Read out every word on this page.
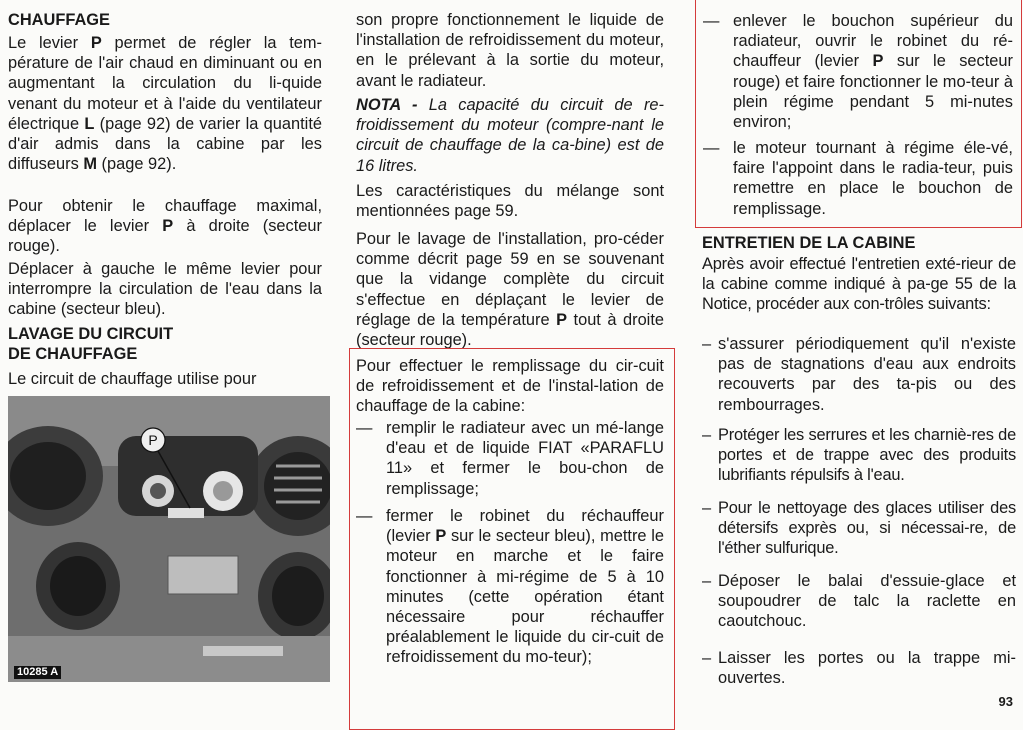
CHAUFFAGE

Le levier P permet de régler la tem-pérature de l'air chaud en diminuant ou en augmentant la circulation du li-quide venant du moteur et à l'aide du ventilateur électrique L (page 92) de varier la quantité d'air admis dans la cabine par les diffuseurs M (page 92).

Pour obtenir le chauffage maximal, déplacer le levier P à droite (secteur rouge).

Déplacer à gauche le même levier pour interrompre la circulation de l'eau dans la cabine (secteur bleu).

LAVAGE DU CIRCUIT
DE CHAUFFAGE

Le circuit de chauffage utilise pour

P
10285 A

son propre fonctionnement le liquide de l'installation de refroidissement du moteur, en le prélevant à la sortie du moteur, avant le radiateur.

NOTA - La capacité du circuit de re-froidissement du moteur (compre-nant le circuit de chauffage de la ca-bine) est de 16 litres.

Les caractéristiques du mélange sont mentionnées page 59.

Pour le lavage de l'installation, pro-céder comme décrit page 59 en se souvenant que la vidange complète du circuit s'effectue en déplaçant le levier de réglage de la température P tout à droite (secteur rouge).

Pour effectuer le remplissage du cir-cuit de refroidissement et de l'instal-lation de chauffage de la cabine:

— remplir le radiateur avec un mé-lange d'eau et de liquide FIAT «PARAFLU 11» et fermer le bou-chon de remplissage;

— fermer le robinet du réchauffeur (levier P sur le secteur bleu), mettre le moteur en marche et le faire fonctionner à mi-régime de 5 à 10 minutes (cette opération étant nécessaire pour réchauffer préalablement le liquide du cir-cuit de refroidissement du mo-teur);

— enlever le bouchon supérieur du radiateur, ouvrir le robinet du ré-chauffeur (levier P sur le secteur rouge) et faire fonctionner le mo-teur à plein régime pendant 5 mi-nutes environ;

— le moteur tournant à régime éle-vé, faire l'appoint dans le radia-teur, puis remettre en place le bouchon de remplissage.

ENTRETIEN DE LA CABINE

Après avoir effectué l'entretien exté-rieur de la cabine comme indiqué à pa-ge 55 de la Notice, procéder aux con-trôles suivants:

– s'assurer périodiquement qu'il n'existe pas de stagnations d'eau aux endroits recouverts par des ta-pis ou des rembourrages.

– Protéger les serrures et les charniè-res de portes et de trappe avec des produits lubrifiants répulsifs à l'eau.

– Pour le nettoyage des glaces utiliser des détersifs exprès ou, si nécessai-re, de l'éther sulfurique.

– Déposer le balai d'essuie-glace et soupoudrer de talc la raclette en caoutchouc.

– Laisser les portes ou la trappe mi-ouvertes.

93
